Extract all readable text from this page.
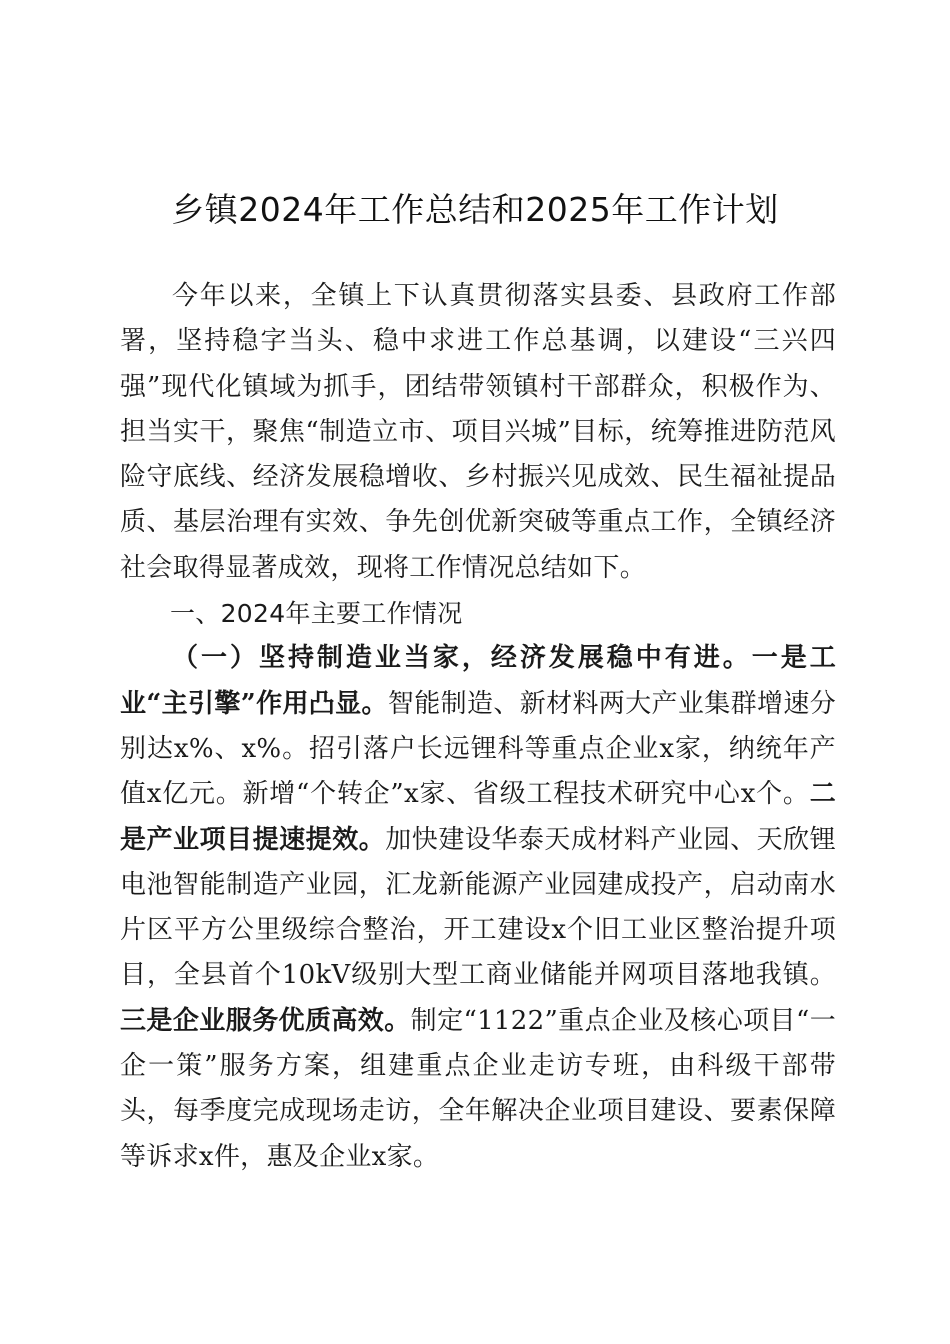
乡镇2024年工作总结和2025年工作计划

今年以来，全镇上下认真贯彻落实县委、县政府工作部署，坚持稳字当头、稳中求进工作总基调，以建设“三兴四强”现代化镇域为抓手，团结带领镇村干部群众，积极作为、担当实干，聚焦“制造立市、项目兴城”目标，统筹推进防范风险守底线、经济发展稳增收、乡村振兴见成效、民生福祉提品质、基层治理有实效、争先创优新突破等重点工作，全镇经济社会取得显著成效，现将工作情况总结如下。

一、2024年主要工作情况

（一）坚持制造业当家，经济发展稳中有进。一是工业“主引擎”作用凸显。智能制造、新材料两大产业集群增速分别达x%、x%。招引落户长远锂科等重点企业x家，纳统年产值x亿元。新增“个转企”x家、省级工程技术研究中心x个。二是产业项目提速提效。加快建设华泰天成材料产业园、天欣锂电池智能制造产业园，汇龙新能源产业园建成投产，启动南水片区平方公里级综合整治，开工建设x个旧工业区整治提升项目，全县首个10kV级别大型工商业储能并网项目落地我镇。三是企业服务优质高效。制定“1122”重点企业及核心项目“一企一策”服务方案，组建重点企业走访专班，由科级干部带头，每季度完成现场走访，全年解决企业项目建设、要素保障等诉求x件，惠及企业x家。
